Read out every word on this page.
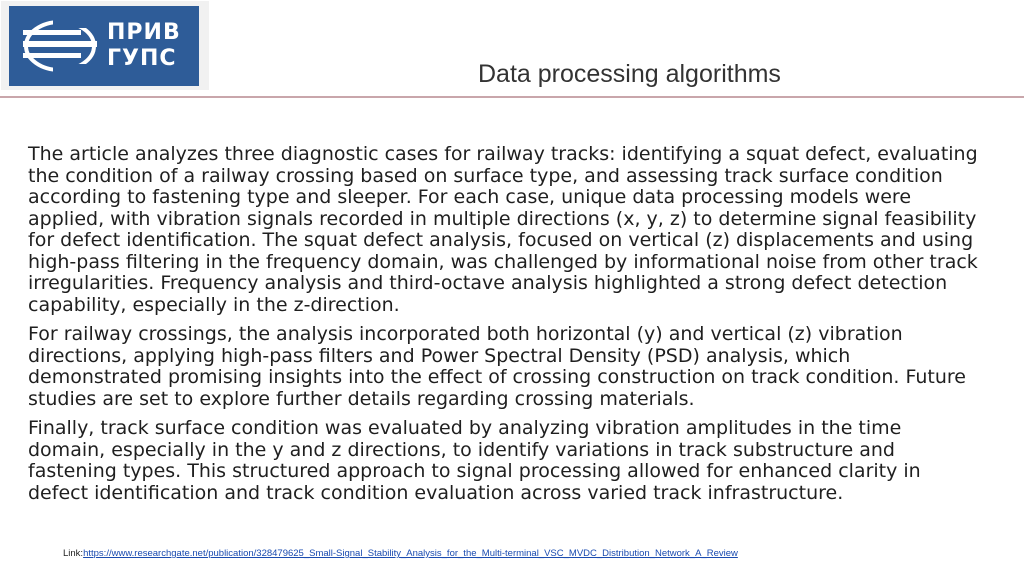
ПРИВ
ГУПС
Data processing algorithms

The article analyzes three diagnostic cases for railway tracks: identifying a squat defect, evaluating the condition of a railway crossing based on surface type, and assessing track surface condition according to fastening type and sleeper. For each case, unique data processing models were applied, with vibration signals recorded in multiple directions (x, y, z) to determine signal feasibility for defect identification. The squat defect analysis, focused on vertical (z) displacements and using high-pass filtering in the frequency domain, was challenged by informational noise from other track irregularities. Frequency analysis and third-octave analysis highlighted a strong defect detection capability, especially in the z-direction.

For railway crossings, the analysis incorporated both horizontal (y) and vertical (z) vibration directions, applying high-pass filters and Power Spectral Density (PSD) analysis, which demonstrated promising insights into the effect of crossing construction on track condition. Future studies are set to explore further details regarding crossing materials.

Finally, track surface condition was evaluated by analyzing vibration amplitudes in the time domain, especially in the y and z directions, to identify variations in track substructure and fastening types. This structured approach to signal processing allowed for enhanced clarity in defect identification and track condition evaluation across varied track infrastructure.

Link:https://www.researchgate.net/publication/328479625_Small-Signal_Stability_Analysis_for_the_Multi-terminal_VSC_MVDC_Distribution_Network_A_Review
